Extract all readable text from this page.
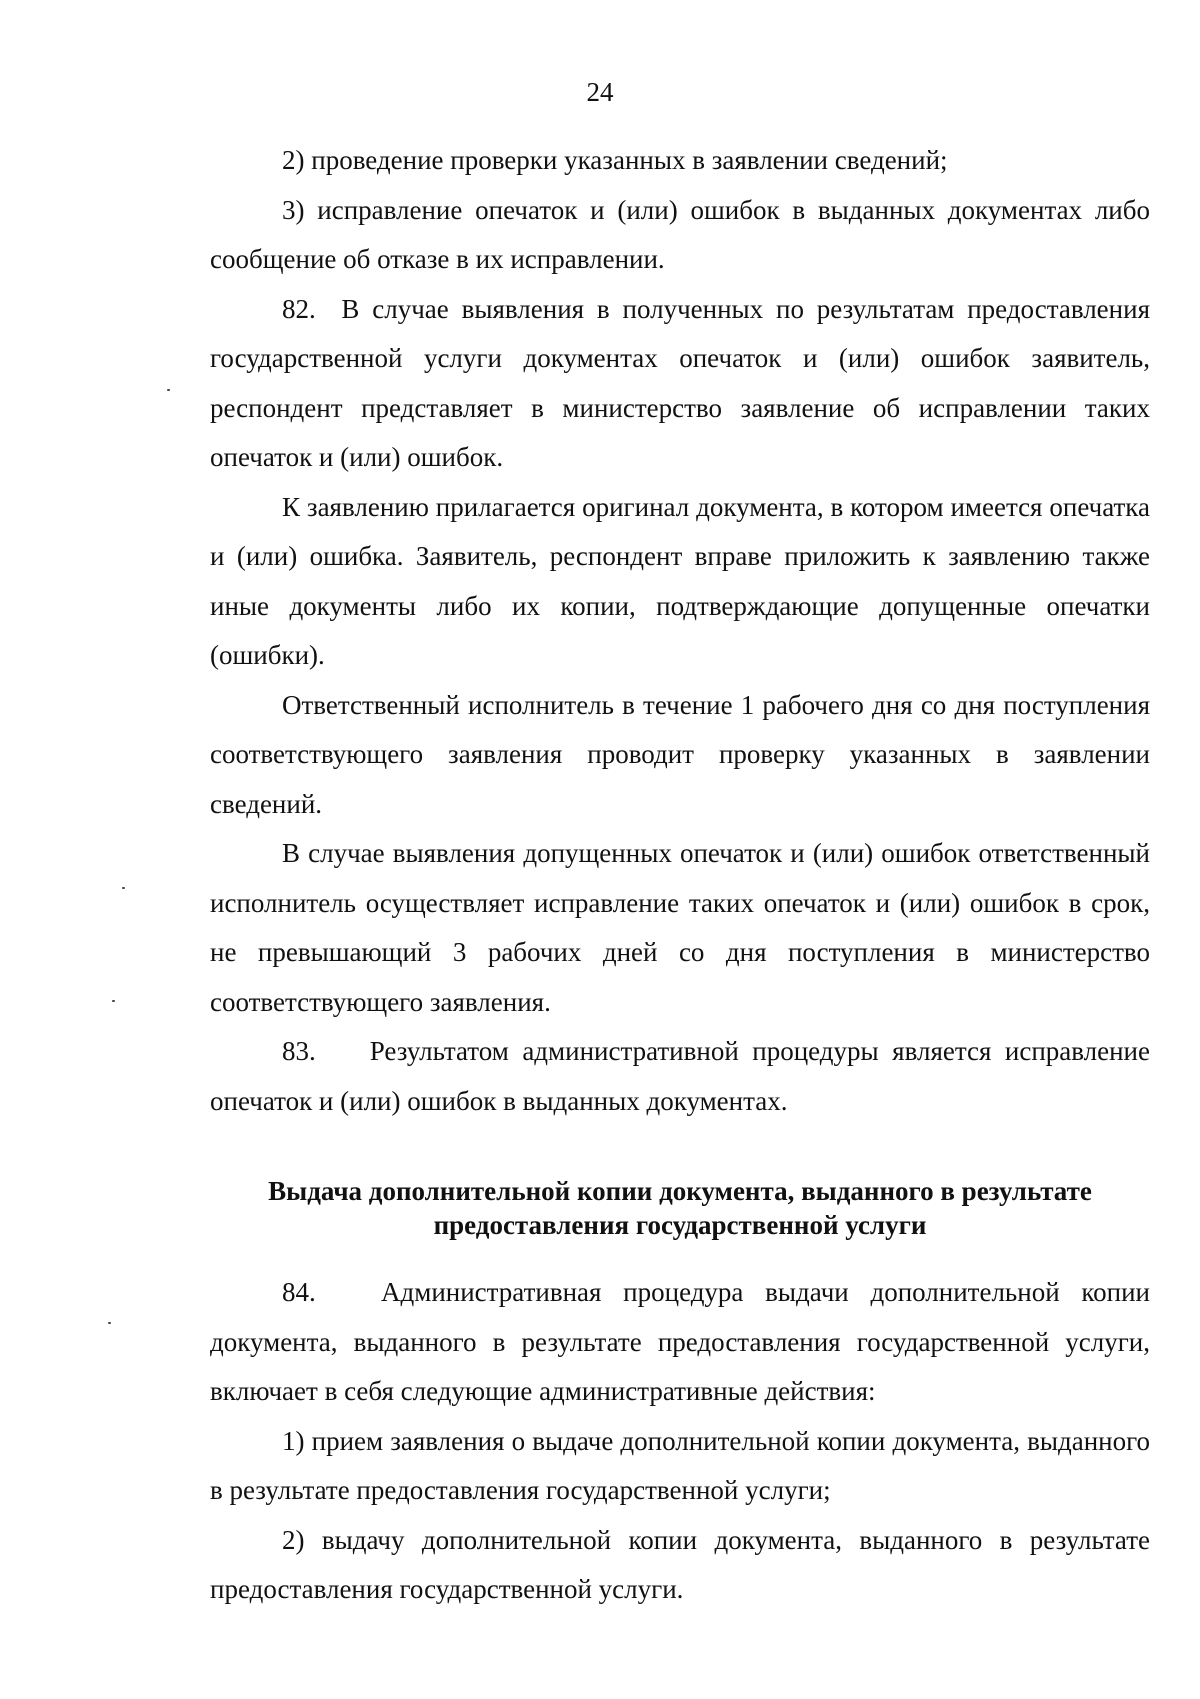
24

2) проведение проверки указанных в заявлении сведений;

3) исправление опечаток и (или) ошибок в выданных документах либо сообщение об отказе в их исправлении.

82.  В случае выявления в полученных по результатам предоставления государственной услуги документах опечаток и (или) ошибок заявитель, респондент представляет в министерство заявление об исправлении таких опечаток и (или) ошибок.

К заявлению прилагается оригинал документа, в котором имеется опечатка и (или) ошибка. Заявитель, респондент вправе приложить к заявлению также иные документы либо их копии, подтверждающие допущенные опечатки (ошибки).

Ответственный исполнитель в течение 1 рабочего дня со дня поступления соответствующего заявления проводит проверку указанных в заявлении сведений.

В случае выявления допущенных опечаток и (или) ошибок ответственный исполнитель осуществляет исправление таких опечаток и (или) ошибок в срок, не превышающий 3 рабочих дней со дня поступления в министерство соответствующего заявления.

83.    Результатом административной процедуры является исправление опечаток и (или) ошибок в выданных документах.

Выдача дополнительной копии документа, выданного в результате
предоставления государственной услуги

84.   Административная процедура выдачи дополнительной копии документа, выданного в результате предоставления государственной услуги, включает в себя следующие административные действия:

1) прием заявления о выдаче дополнительной копии документа, выданного в результате предоставления государственной услуги;

2) выдачу дополнительной копии документа, выданного в результате предоставления государственной услуги.
